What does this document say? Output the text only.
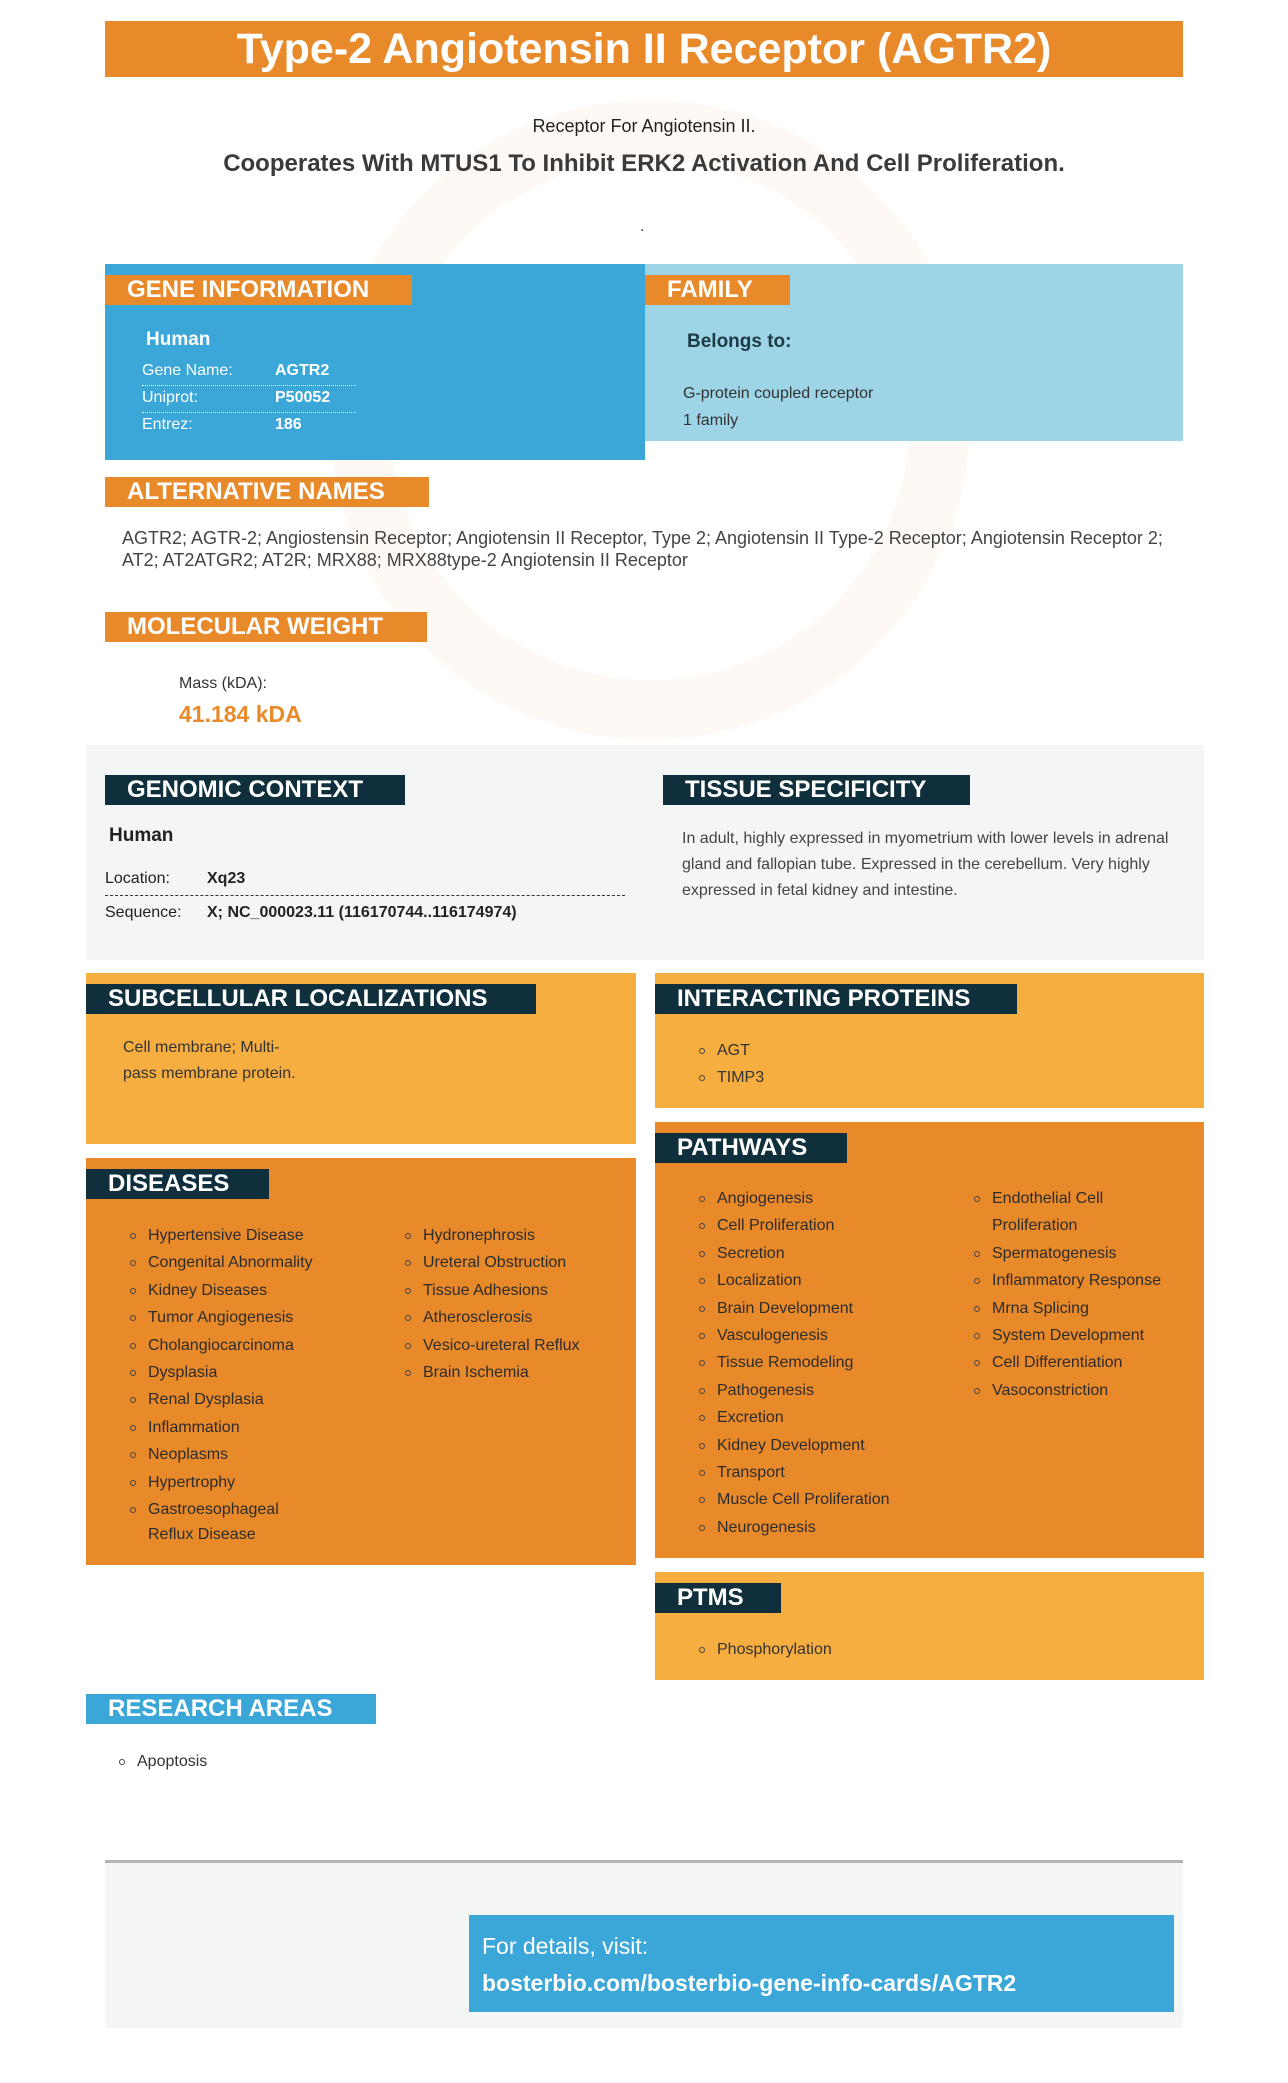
Type-2 Angiotensin II Receptor (AGTR2)
Receptor For Angiotensin II.
Cooperates With MTUS1 To Inhibit ERK2 Activation And Cell Proliferation.
.
GENE INFORMATION
Human
Gene Name:	AGTR2
Uniprot:	P50052
Entrez:	186
FAMILY
Belongs to:
G-protein coupled receptor
1 family
ALTERNATIVE NAMES
AGTR2; AGTR-2; Angiostensin Receptor; Angiotensin II Receptor, Type 2; Angiotensin II Type-2 Receptor; Angiotensin Receptor 2; AT2; AT2ATGR2; AT2R; MRX88; MRX88type-2 Angiotensin II Receptor
MOLECULAR WEIGHT
Mass (kDA):
41.184 kDA
GENOMIC CONTEXT
Human
Location: Xq23
Sequence: X; NC_000023.11 (116170744..116174974)
TISSUE SPECIFICITY
In adult, highly expressed in myometrium with lower levels in adrenal gland and fallopian tube. Expressed in the cerebellum. Very highly expressed in fetal kidney and intestine.
SUBCELLULAR LOCALIZATIONS
Cell membrane; Multi-pass membrane protein.
INTERACTING PROTEINS
AGT
TIMP3
DISEASES
Hypertensive Disease
Congenital Abnormality
Kidney Diseases
Tumor Angiogenesis
Cholangiocarcinoma
Dysplasia
Renal Dysplasia
Inflammation
Neoplasms
Hypertrophy
Gastroesophageal Reflux Disease
Hydronephrosis
Ureteral Obstruction
Tissue Adhesions
Atherosclerosis
Vesico-ureteral Reflux
Brain Ischemia
PATHWAYS
Angiogenesis
Cell Proliferation
Secretion
Localization
Brain Development
Vasculogenesis
Tissue Remodeling
Pathogenesis
Excretion
Kidney Development
Transport
Muscle Cell Proliferation
Neurogenesis
Endothelial Cell Proliferation
Spermatogenesis
Inflammatory Response
Mrna Splicing
System Development
Cell Differentiation
Vasoconstriction
PTMS
Phosphorylation
RESEARCH AREAS
Apoptosis
For details, visit:
bosterbio.com/bosterbio-gene-info-cards/AGTR2
